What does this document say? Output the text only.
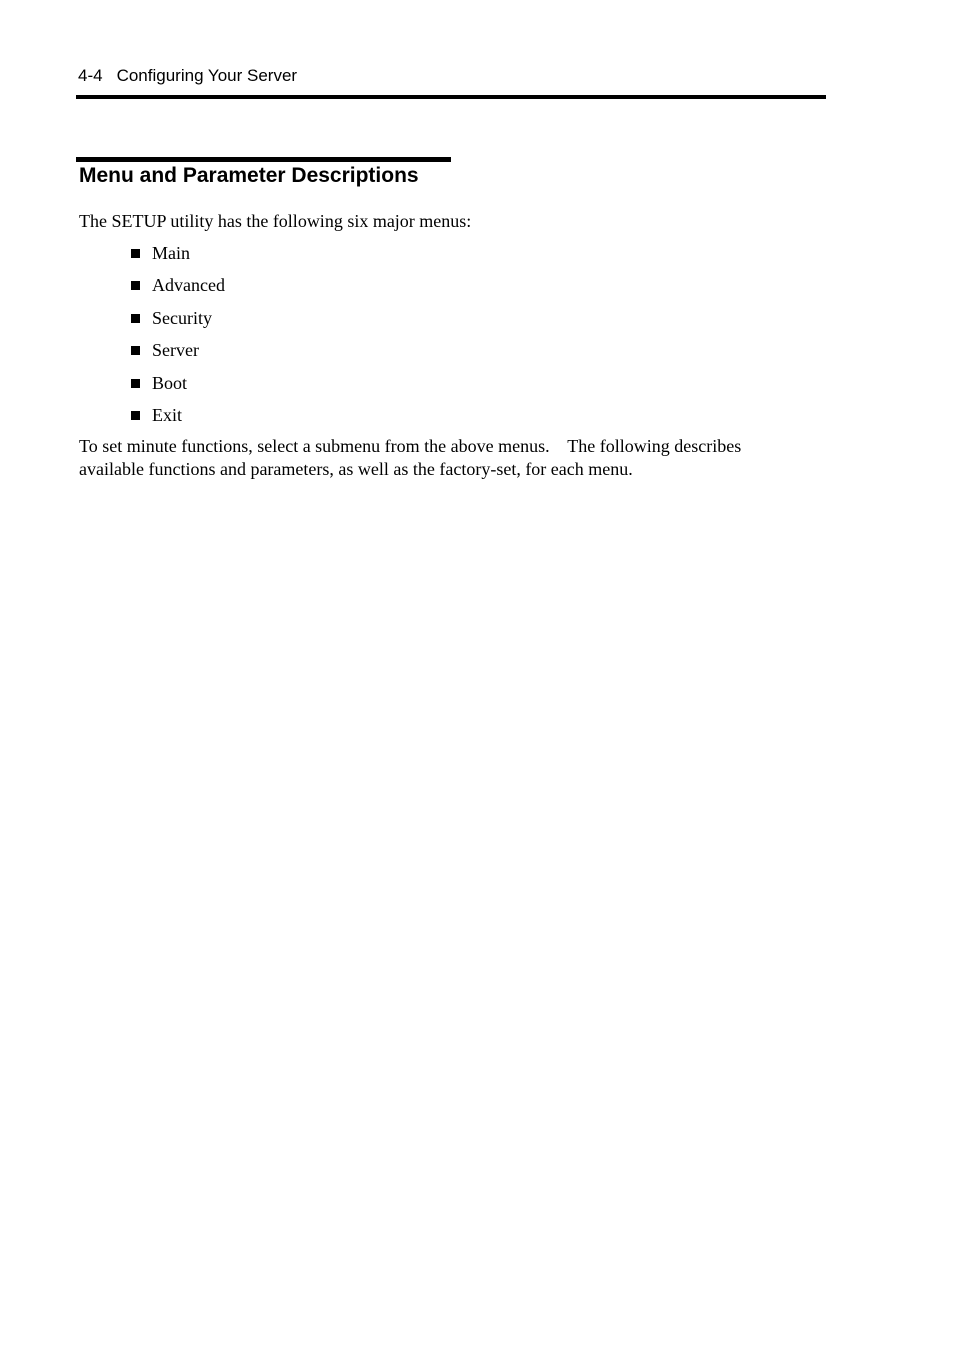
4-4 Configuring Your Server
Menu and Parameter Descriptions

The SETUP utility has the following six major menus:

Main
Advanced
Security
Server
Boot
Exit

To set minute functions, select a submenu from the above menus.    The following describes
available functions and parameters, as well as the factory-set, for each menu.
